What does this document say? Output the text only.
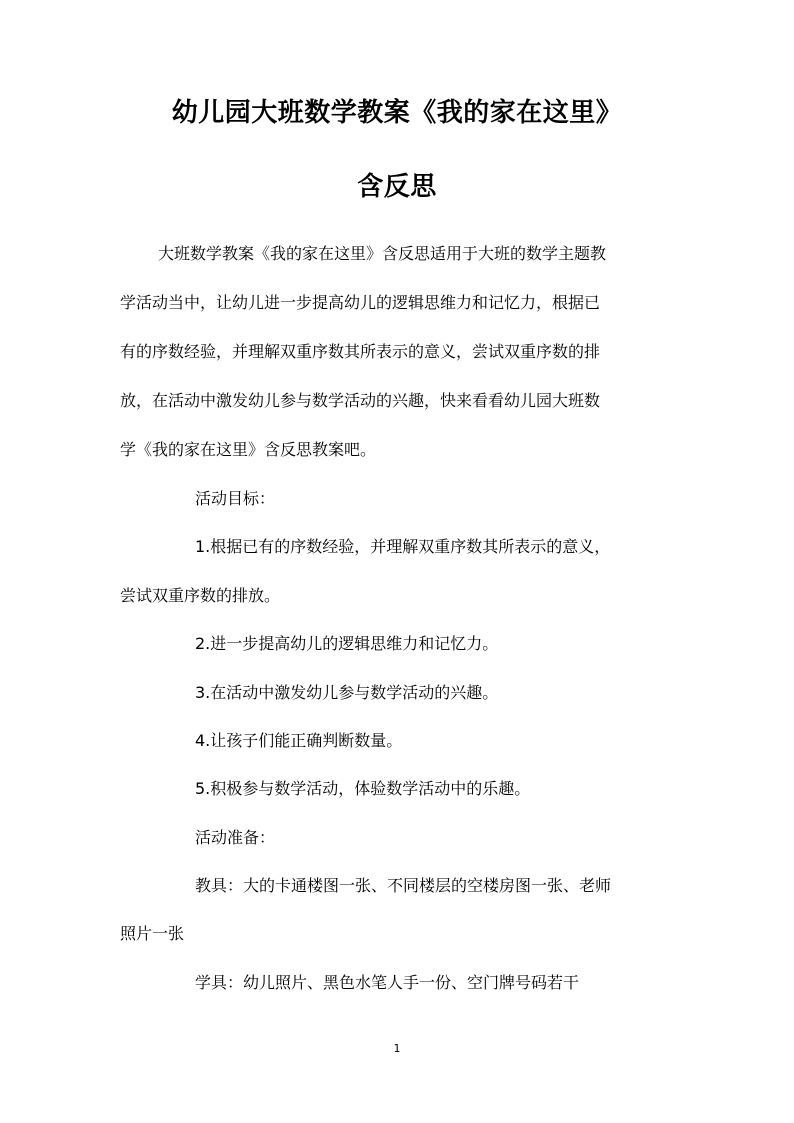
幼儿园大班数学教案《我的家在这里》
含反思
大班数学教案《我的家在这里》含反思适用于大班的数学主题教
学活动当中，让幼儿进一步提高幼儿的逻辑思维力和记忆力，根据已
有的序数经验，并理解双重序数其所表示的意义，尝试双重序数的排
放，在活动中激发幼儿参与数学活动的兴趣，快来看看幼儿园大班数
学《我的家在这里》含反思教案吧。
活动目标：
1.根据已有的序数经验，并理解双重序数其所表示的意义，
尝试双重序数的排放。
2.进一步提高幼儿的逻辑思维力和记忆力。
3.在活动中激发幼儿参与数学活动的兴趣。
4.让孩子们能正确判断数量。
5.积极参与数学活动，体验数学活动中的乐趣。
活动准备：
教具：大的卡通楼图一张、不同楼层的空楼房图一张、老师
照片一张
学具：幼儿照片、黑色水笔人手一份、空门牌号码若干
1
